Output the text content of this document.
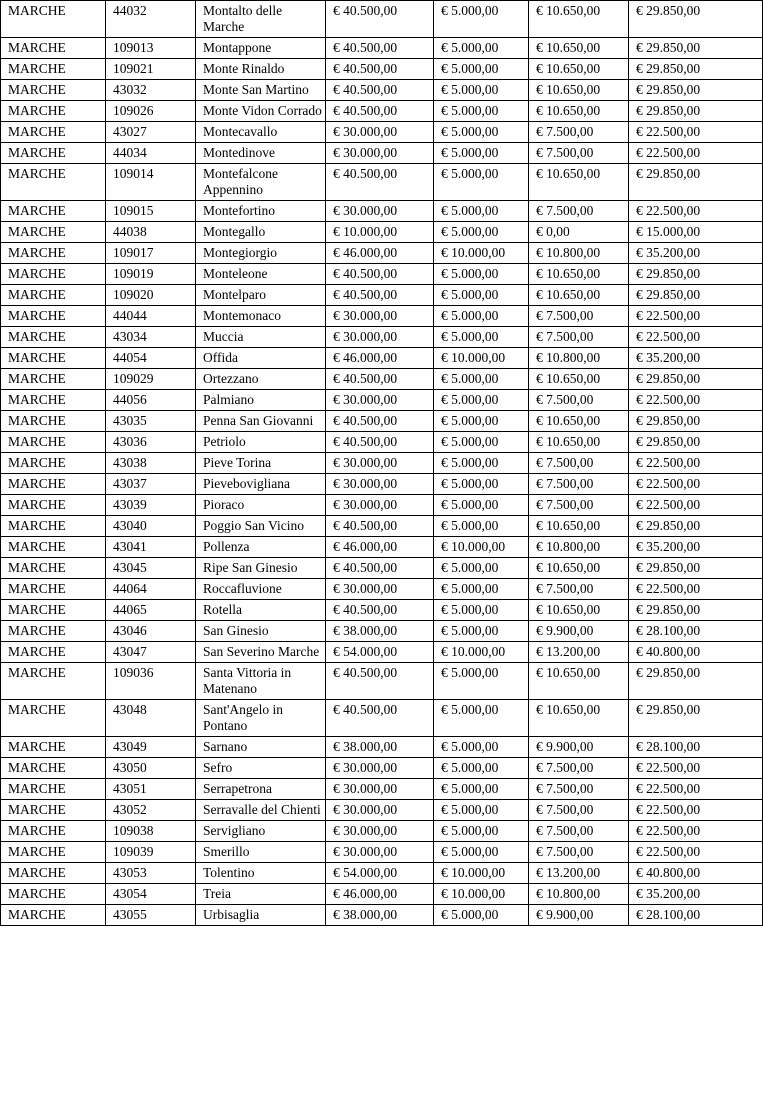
MARCHE	44032	Montalto delle Marche	€ 40.500,00	€ 5.000,00	€ 10.650,00	€ 29.850,00
MARCHE	109013	Montappone	€ 40.500,00	€ 5.000,00	€ 10.650,00	€ 29.850,00
MARCHE	109021	Monte Rinaldo	€ 40.500,00	€ 5.000,00	€ 10.650,00	€ 29.850,00
MARCHE	43032	Monte San Martino	€ 40.500,00	€ 5.000,00	€ 10.650,00	€ 29.850,00
MARCHE	109026	Monte Vidon Corrado	€ 40.500,00	€ 5.000,00	€ 10.650,00	€ 29.850,00
MARCHE	43027	Montecavallo	€ 30.000,00	€ 5.000,00	€ 7.500,00	€ 22.500,00
MARCHE	44034	Montedinove	€ 30.000,00	€ 5.000,00	€ 7.500,00	€ 22.500,00
MARCHE	109014	Montefalcone Appennino	€ 40.500,00	€ 5.000,00	€ 10.650,00	€ 29.850,00
MARCHE	109015	Montefortino	€ 30.000,00	€ 5.000,00	€ 7.500,00	€ 22.500,00
MARCHE	44038	Montegallo	€ 10.000,00	€ 5.000,00	€ 0,00	€ 15.000,00
MARCHE	109017	Montegiorgio	€ 46.000,00	€ 10.000,00	€ 10.800,00	€ 35.200,00
MARCHE	109019	Monteleone	€ 40.500,00	€ 5.000,00	€ 10.650,00	€ 29.850,00
MARCHE	109020	Montelparo	€ 40.500,00	€ 5.000,00	€ 10.650,00	€ 29.850,00
MARCHE	44044	Montemonaco	€ 30.000,00	€ 5.000,00	€ 7.500,00	€ 22.500,00
MARCHE	43034	Muccia	€ 30.000,00	€ 5.000,00	€ 7.500,00	€ 22.500,00
MARCHE	44054	Offida	€ 46.000,00	€ 10.000,00	€ 10.800,00	€ 35.200,00
MARCHE	109029	Ortezzano	€ 40.500,00	€ 5.000,00	€ 10.650,00	€ 29.850,00
MARCHE	44056	Palmiano	€ 30.000,00	€ 5.000,00	€ 7.500,00	€ 22.500,00
MARCHE	43035	Penna San Giovanni	€ 40.500,00	€ 5.000,00	€ 10.650,00	€ 29.850,00
MARCHE	43036	Petriolo	€ 40.500,00	€ 5.000,00	€ 10.650,00	€ 29.850,00
MARCHE	43038	Pieve Torina	€ 30.000,00	€ 5.000,00	€ 7.500,00	€ 22.500,00
MARCHE	43037	Pievebovigliana	€ 30.000,00	€ 5.000,00	€ 7.500,00	€ 22.500,00
MARCHE	43039	Pioraco	€ 30.000,00	€ 5.000,00	€ 7.500,00	€ 22.500,00
MARCHE	43040	Poggio San Vicino	€ 40.500,00	€ 5.000,00	€ 10.650,00	€ 29.850,00
MARCHE	43041	Pollenza	€ 46.000,00	€ 10.000,00	€ 10.800,00	€ 35.200,00
MARCHE	43045	Ripe San Ginesio	€ 40.500,00	€ 5.000,00	€ 10.650,00	€ 29.850,00
MARCHE	44064	Roccafluvione	€ 30.000,00	€ 5.000,00	€ 7.500,00	€ 22.500,00
MARCHE	44065	Rotella	€ 40.500,00	€ 5.000,00	€ 10.650,00	€ 29.850,00
MARCHE	43046	San Ginesio	€ 38.000,00	€ 5.000,00	€ 9.900,00	€ 28.100,00
MARCHE	43047	San Severino Marche	€ 54.000,00	€ 10.000,00	€ 13.200,00	€ 40.800,00
MARCHE	109036	Santa Vittoria in Matenano	€ 40.500,00	€ 5.000,00	€ 10.650,00	€ 29.850,00
MARCHE	43048	Sant'Angelo in Pontano	€ 40.500,00	€ 5.000,00	€ 10.650,00	€ 29.850,00
MARCHE	43049	Sarnano	€ 38.000,00	€ 5.000,00	€ 9.900,00	€ 28.100,00
MARCHE	43050	Sefro	€ 30.000,00	€ 5.000,00	€ 7.500,00	€ 22.500,00
MARCHE	43051	Serrapetrona	€ 30.000,00	€ 5.000,00	€ 7.500,00	€ 22.500,00
MARCHE	43052	Serravalle del Chienti	€ 30.000,00	€ 5.000,00	€ 7.500,00	€ 22.500,00
MARCHE	109038	Servigliano	€ 30.000,00	€ 5.000,00	€ 7.500,00	€ 22.500,00
MARCHE	109039	Smerillo	€ 30.000,00	€ 5.000,00	€ 7.500,00	€ 22.500,00
MARCHE	43053	Tolentino	€ 54.000,00	€ 10.000,00	€ 13.200,00	€ 40.800,00
MARCHE	43054	Treia	€ 46.000,00	€ 10.000,00	€ 10.800,00	€ 35.200,00
MARCHE	43055	Urbisaglia	€ 38.000,00	€ 5.000,00	€ 9.900,00	€ 28.100,00
